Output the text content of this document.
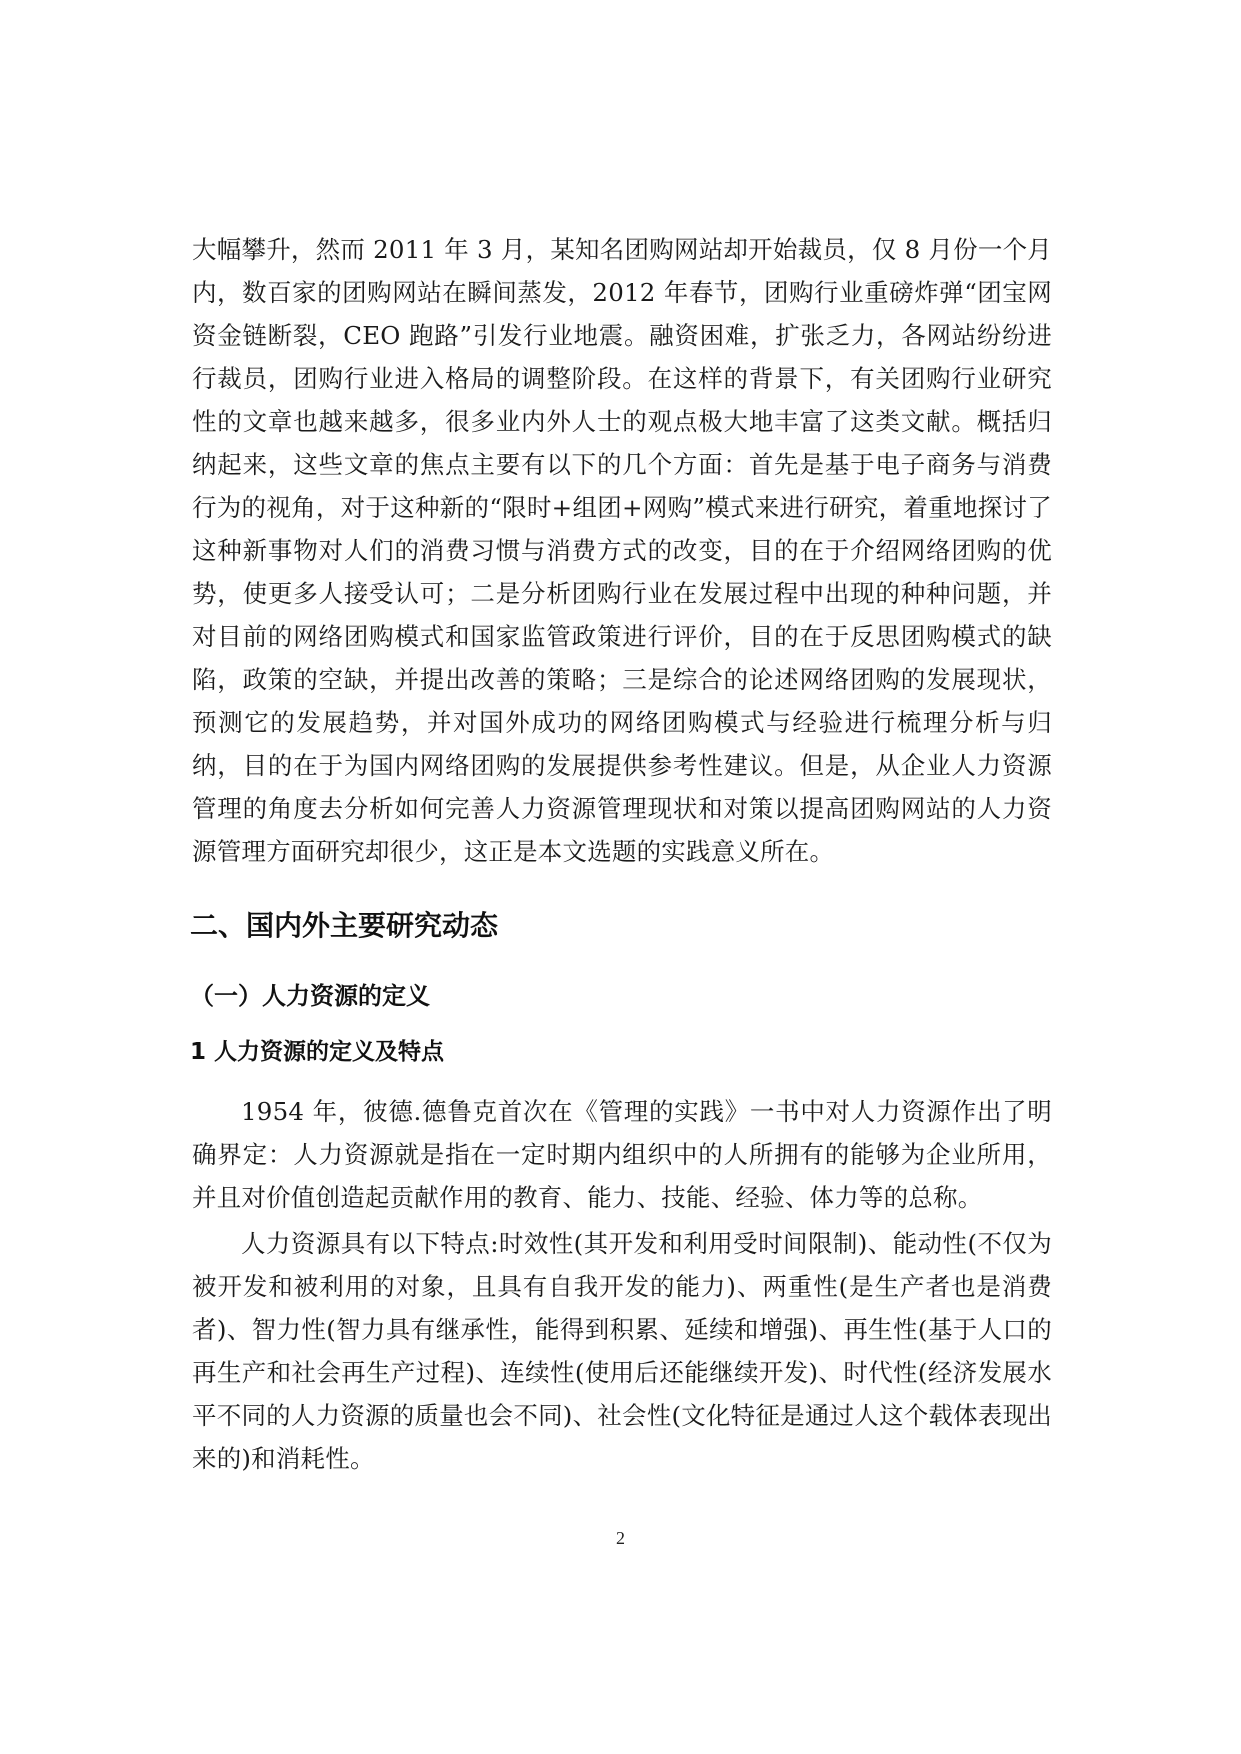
大幅攀升，然而 2011 年 3 月，某知名团购网站却开始裁员，仅 8 月份一个月内，数百家的团购网站在瞬间蒸发，2012 年春节，团购行业重磅炸弹“团宝网资金链断裂，CEO 跑路”引发行业地震。融资困难，扩张乏力，各网站纷纷进行裁员，团购行业进入格局的调整阶段。在这样的背景下，有关团购行业研究性的文章也越来越多，很多业内外人士的观点极大地丰富了这类文献。概括归纳起来，这些文章的焦点主要有以下的几个方面：首先是基于电子商务与消费行为的视角，对于这种新的“限时+组团+网购”模式来进行研究，着重地探讨了这种新事物对人们的消费习惯与消费方式的改变，目的在于介绍网络团购的优势，使更多人接受认可；二是分析团购行业在发展过程中出现的种种问题，并对目前的网络团购模式和国家监管政策进行评价，目的在于反思团购模式的缺陷，政策的空缺，并提出改善的策略；三是综合的论述网络团购的发展现状，预测它的发展趋势，并对国外成功的网络团购模式与经验进行梳理分析与归纳，目的在于为国内网络团购的发展提供参考性建议。但是，从企业人力资源管理的角度去分析如何完善人力资源管理现状和对策以提高团购网站的人力资源管理方面研究却很少，这正是本文选题的实践意义所在。

二、国内外主要研究动态
（一）人力资源的定义
1 人力资源的定义及特点

1954 年，彼德.德鲁克首次在《管理的实践》一书中对人力资源作出了明确界定：人力资源就是指在一定时期内组织中的人所拥有的能够为企业所用，并且对价值创造起贡献作用的教育、能力、技能、经验、体力等的总称。

人力资源具有以下特点:时效性(其开发和利用受时间限制)、能动性(不仅为被开发和被利用的对象，且具有自我开发的能力)、两重性(是生产者也是消费者)、智力性(智力具有继承性，能得到积累、延续和增强)、再生性(基于人口的再生产和社会再生产过程)、连续性(使用后还能继续开发)、时代性(经济发展水平不同的人力资源的质量也会不同)、社会性(文化特征是通过人这个载体表现出来的)和消耗性。

2
